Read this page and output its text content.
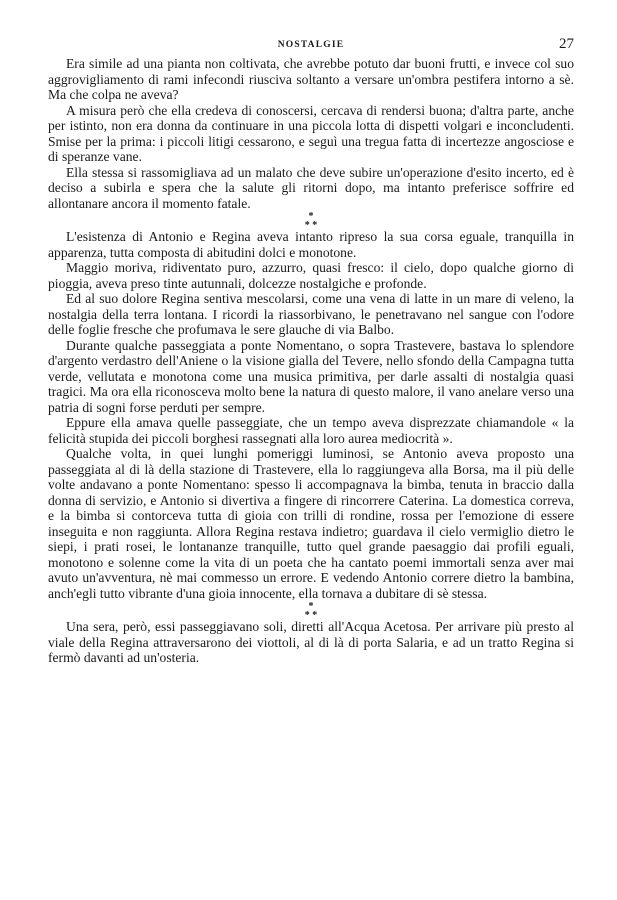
NOSTALGIE	27

Era simile ad una pianta non coltivata, che avrebbe potuto dar buoni frutti, e invece col suo aggrovigliamento di rami infecondi riusciva soltanto a versare un'ombra pestifera intorno a sè. Ma che colpa ne aveva?

A misura però che ella credeva di conoscersi, cercava di rendersi buona; d'altra parte, anche per istinto, non era donna da continuare in una piccola lotta di dispetti volgari e inconcludenti. Smise per la prima: i piccoli litigi cessarono, e seguì una tregua fatta di incertezze angosciose e di speranze vane.

Ella stessa si rassomigliava ad un malato che deve subire un'operazione d'esito incerto, ed è deciso a subirla e spera che la salute gli ritorni dopo, ma intanto preferisce soffrire ed allontanare ancora il momento fatale.

*
* *

L'esistenza di Antonio e Regina aveva intanto ripreso la sua corsa eguale, tranquilla in apparenza, tutta composta di abitudini dolci e monotone.

Maggio moriva, ridiventato puro, azzurro, quasi fresco: il cielo, dopo qualche giorno di pioggia, aveva preso tinte autunnali, dolcezze nostalgiche e profonde.

Ed al suo dolore Regina sentiva mescolarsi, come una vena di latte in un mare di veleno, la nostalgia della terra lontana. I ricordi la riassorbivano, le penetravano nel sangue con l'odore delle foglie fresche che profumava le sere glauche di via Balbo.

Durante qualche passeggiata a ponte Nomentano, o sopra Trastevere, bastava lo splendore d'argento verdastro dell'Aniene o la visione gialla del Tevere, nello sfondo della Campagna tutta verde, vellutata e monotona come una musica primitiva, per darle assalti di nostalgia quasi tragici. Ma ora ella riconosceva molto bene la natura di questo malore, il vano anelare verso una patria di sogni forse perduti per sempre.

Eppure ella amava quelle passeggiate, che un tempo aveva disprezzate chiamandole « la felicità stupida dei piccoli borghesi rassegnati alla loro aurea mediocrità ».

Qualche volta, in quei lunghi pomeriggi luminosi, se Antonio aveva proposto una passeggiata al di là della stazione di Trastevere, ella lo raggiungeva alla Borsa, ma il più delle volte andavano a ponte Nomentano: spesso li accompagnava la bimba, tenuta in braccio dalla donna di servizio, e Antonio si divertiva a fingere di rincorrere Caterina. La domestica correva, e la bimba si contorceva tutta di gioia con trilli di rondine, rossa per l'emozione di essere inseguita e non raggiunta. Allora Regina restava indietro; guardava il cielo vermiglio dietro le siepi, i prati rosei, le lontananze tranquille, tutto quel grande paesaggio dai profili eguali, monotono e solenne come la vita di un poeta che ha cantato poemi immortali senza aver mai avuto un'avventura, nè mai commesso un errore. E vedendo Antonio correre dietro la bambina, anch'egli tutto vibrante d'una gioia innocente, ella tornava a dubitare di sè stessa.

*
* *

Una sera, però, essi passeggiavano soli, diretti all'Acqua Acetosa. Per arrivare più presto al viale della Regina attraversarono dei viottoli, al di là di porta Salaria, e ad un tratto Regina si fermò davanti ad un'osteria.
